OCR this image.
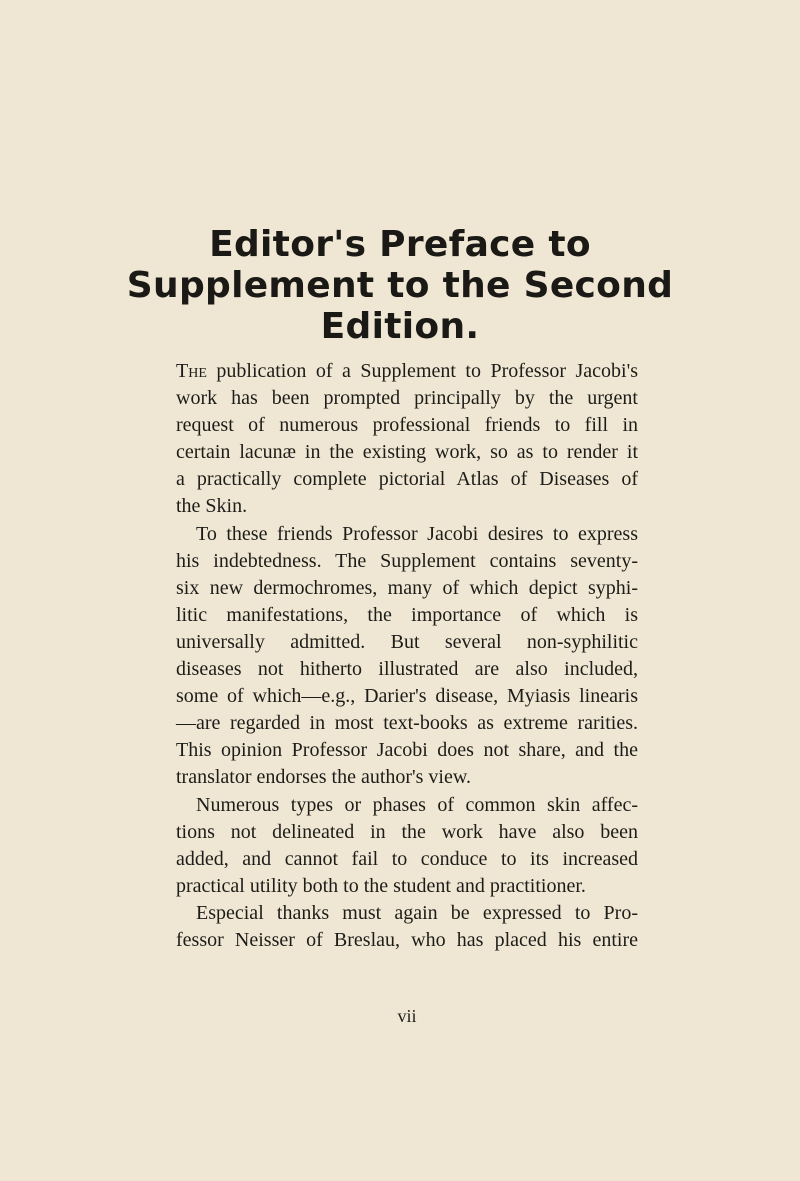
Editor's Preface to
Supplement to the Second
Edition.
The publication of a Supplement to Professor Jacobi's
work has been prompted principally by the urgent
request of numerous professional friends to fill in
certain lacunæ in the existing work, so as to render it
a practically complete pictorial Atlas of Diseases of
the Skin.
To these friends Professor Jacobi desires to express
his indebtedness. The Supplement contains seventy-
six new dermochromes, many of which depict syphi-
litic manifestations, the importance of which is
universally admitted. But several non-syphilitic
diseases not hitherto illustrated are also included,
some of which—e.g., Darier's disease, Myiasis linearis
—are regarded in most text-books as extreme rarities.
This opinion Professor Jacobi does not share, and the
translator endorses the author's view.
Numerous types or phases of common skin affec-
tions not delineated in the work have also been
added, and cannot fail to conduce to its increased
practical utility both to the student and practitioner.
Especial thanks must again be expressed to Pro-
fessor Neisser of Breslau, who has placed his entire
vii
